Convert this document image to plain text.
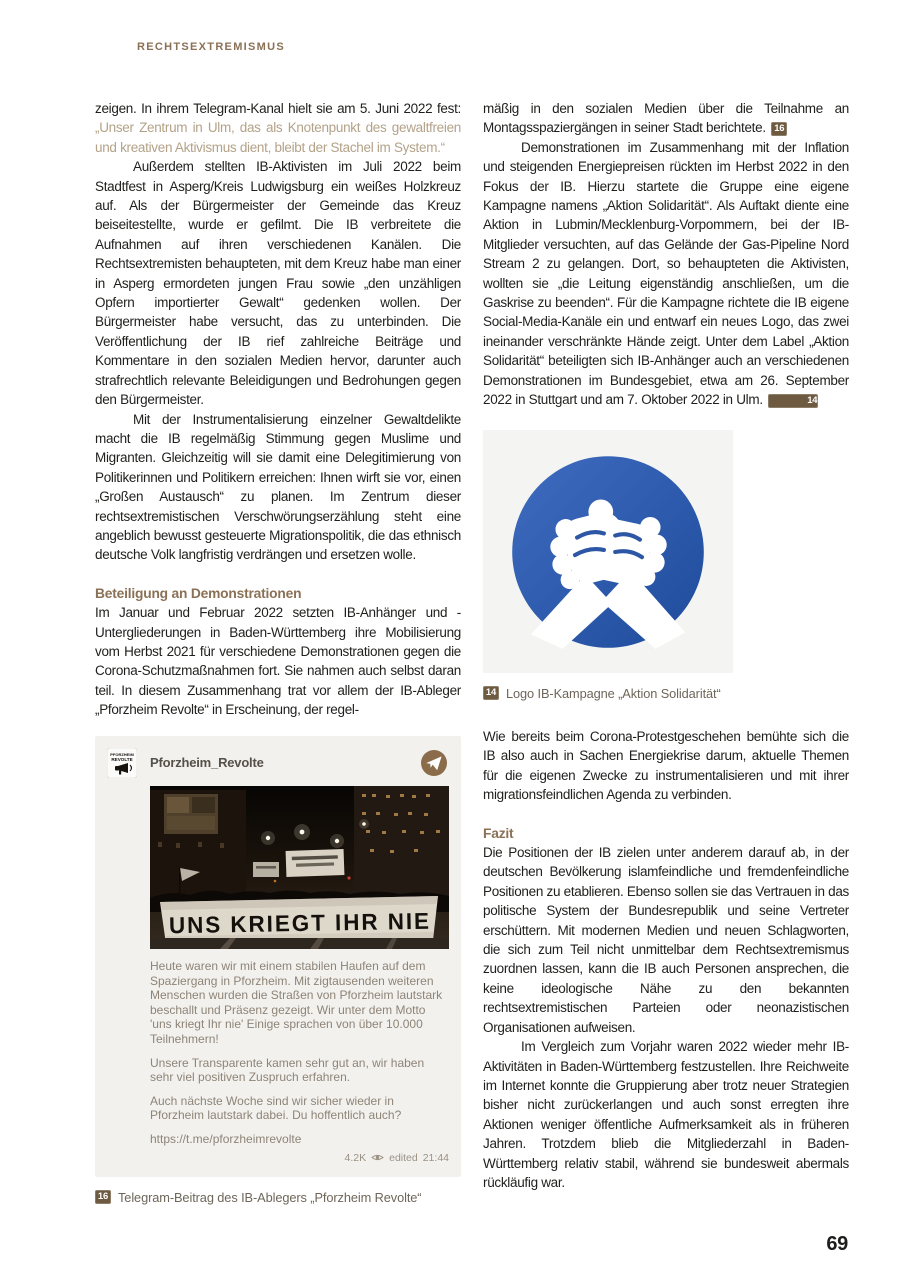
RECHTSEXTREMISMUS

zeigen. In ihrem Telegram-Kanal hielt sie am 5. Juni 2022 fest: „Unser Zentrum in Ulm, das als Knotenpunkt des gewaltfreien und kreativen Aktivismus dient, bleibt der Stachel im System.“

Außerdem stellten IB-Aktivisten im Juli 2022 beim Stadtfest in Asperg/Kreis Ludwigsburg ein weißes Holzkreuz auf. Als der Bürgermeister der Gemeinde das Kreuz beiseitestellte, wurde er gefilmt. Die IB verbreitete die Aufnahmen auf ihren verschiedenen Kanälen. Die Rechtsextremisten behaupteten, mit dem Kreuz habe man einer in Asperg ermordeten jungen Frau sowie „den unzähligen Opfern importierter Gewalt“ gedenken wollen. Der Bürgermeister habe versucht, das zu unterbinden. Die Veröffentlichung der IB rief zahlreiche Beiträge und Kommentare in den sozialen Medien hervor, darunter auch strafrechtlich relevante Beleidigungen und Bedrohungen gegen den Bürgermeister.

Mit der Instrumentalisierung einzelner Gewaltdelikte macht die IB regelmäßig Stimmung gegen Muslime und Migranten. Gleichzeitig will sie damit eine Delegitimierung von Politikerinnen und Politikern erreichen: Ihnen wirft sie vor, einen „Großen Austausch“ zu planen. Im Zentrum dieser rechtsextremistischen Verschwörungserzählung steht eine angeblich bewusst gesteuerte Migrationspolitik, die das ethnisch deutsche Volk langfristig verdrängen und ersetzen wolle.

Beteiligung an Demonstrationen

Im Januar und Februar 2022 setzten IB-Anhänger und -Untergliederungen in Baden-Württemberg ihre Mobilisierung vom Herbst 2021 für verschiedene Demonstrationen gegen die Corona-Schutzmaßnahmen fort. Sie nahmen auch selbst daran teil. In diesem Zusammenhang trat vor allem der IB-Ableger „Pforzheim Revolte“ in Erscheinung, der regel-

PFORZHEIM
REVOLTE Pforzheim_Revolte
UNS KRIEGT IHR NIE

Heute waren wir mit einem stabilen Haufen auf dem Spaziergang in Pforzheim. Mit zigtausenden weiteren Menschen wurden die Straßen von Pforzheim lautstark beschallt und Präsenz gezeigt. Wir unter dem Motto 'uns kriegt Ihr nie' Einige sprachen von über 10.000 Teilnehmern!

Unsere Transparente kamen sehr gut an, wir haben sehr viel positiven Zuspruch erfahren.

Auch nächste Woche sind wir sicher wieder in Pforzheim lautstark dabei. Du hoffentlich auch?

https://t.me/pforzheimrevolte

4.2K edited 21:44
16 Telegram-Beitrag des IB-Ablegers „Pforzheim Revolte“

mäßig in den sozialen Medien über die Teilnahme an Montagsspaziergängen in seiner Stadt berichtete. 16

Demonstrationen im Zusammenhang mit der Inflation und steigenden Energiepreisen rückten im Herbst 2022 in den Fokus der IB. Hierzu startete die Gruppe eine eigene Kampagne namens „Aktion Solidarität“. Als Auftakt diente eine Aktion in Lubmin/Mecklenburg-Vorpommern, bei der IB-Mitglieder versuchten, auf das Gelände der Gas-Pipeline Nord Stream 2 zu gelangen. Dort, so behaupteten die Aktivisten, wollten sie „die Leitung eigenständig anschließen, um die Gaskrise zu beenden“. Für die Kampagne richtete die IB eigene Social-Media-Kanäle ein und entwarf ein neues Logo, das zwei ineinander verschränkte Hände zeigt. Unter dem Label „Aktion Solidarität“ beteiligten sich IB-Anhänger auch an verschiedenen Demonstrationen im Bundesgebiet, etwa am 26. September 2022 in Stuttgart und am 7. Oktober 2022 in Ulm.	14

14 Logo IB-Kampagne „Aktion Solidarität“

Wie bereits beim Corona-Protestgeschehen bemühte sich die IB also auch in Sachen Energiekrise darum, aktuelle Themen für die eigenen Zwecke zu instrumentalisieren und mit ihrer migrationsfeindlichen Agenda zu verbinden.

Fazit

Die Positionen der IB zielen unter anderem darauf ab, in der deutschen Bevölkerung islamfeindliche und fremdenfeindliche Positionen zu etablieren. Ebenso sollen sie das Vertrauen in das politische System der Bundesrepublik und seine Vertreter erschüttern. Mit modernen Medien und neuen Schlagworten, die sich zum Teil nicht unmittelbar dem Rechtsextremismus zuordnen lassen, kann die IB auch Personen ansprechen, die keine ideologische Nähe zu den bekannten rechtsextremistischen Parteien oder neonazistischen Organisationen aufweisen.

Im Vergleich zum Vorjahr waren 2022 wieder mehr IB-Aktivitäten in Baden-Württemberg festzustellen. Ihre Reichweite im Internet konnte die Gruppierung aber trotz neuer Strategien bisher nicht zurückerlangen und auch sonst erregten ihre Aktionen weniger öffentliche Aufmerksamkeit als in früheren Jahren. Trotzdem blieb die Mitgliederzahl in Baden-Württemberg relativ stabil, während sie bundesweit abermals rückläufig war.

69
